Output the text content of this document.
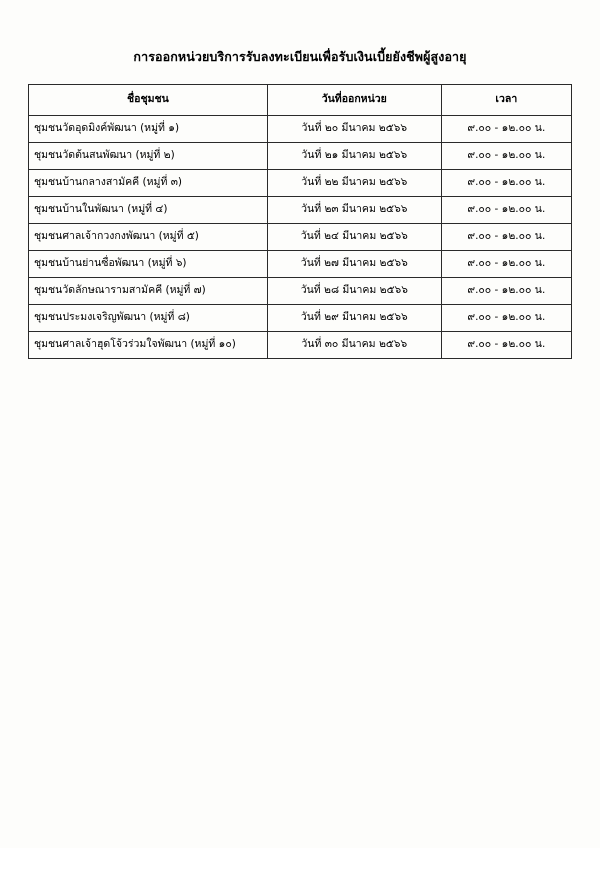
การออกหน่วยบริการรับลงทะเบียนเพื่อรับเงินเบี้ยยังชีพผู้สูงอายุ
ชื่อชุมชน	วันที่ออกหน่วย	เวลา
ชุมชนวัดอุดมิงค์พัฒนา (หมู่ที่ ๑)	วันที่ ๒๐ มีนาคม ๒๕๖๖	๙.๐๐ - ๑๒.๐๐ น.
ชุมชนวัดต้นสนพัฒนา (หมู่ที่ ๒)	วันที่ ๒๑ มีนาคม ๒๕๖๖	๙.๐๐ - ๑๒.๐๐ น.
ชุมชนบ้านกลางสามัคคี (หมู่ที่ ๓)	วันที่ ๒๒ มีนาคม ๒๕๖๖	๙.๐๐ - ๑๒.๐๐ น.
ชุมชนบ้านในพัฒนา (หมู่ที่ ๔)	วันที่ ๒๓ มีนาคม ๒๕๖๖	๙.๐๐ - ๑๒.๐๐ น.
ชุมชนศาลเจ้ากวงกงพัฒนา (หมู่ที่ ๕)	วันที่ ๒๔ มีนาคม ๒๕๖๖	๙.๐๐ - ๑๒.๐๐ น.
ชุมชนบ้านย่านซื่อพัฒนา (หมู่ที่ ๖)	วันที่ ๒๗ มีนาคม ๒๕๖๖	๙.๐๐ - ๑๒.๐๐ น.
ชุมชนวัดลักษณารามสามัคคี (หมู่ที่ ๗)	วันที่ ๒๘ มีนาคม ๒๕๖๖	๙.๐๐ - ๑๒.๐๐ น.
ชุมชนประมงเจริญพัฒนา (หมู่ที่ ๘)	วันที่ ๒๙ มีนาคม ๒๕๖๖	๙.๐๐ - ๑๒.๐๐ น.
ชุมชนศาลเจ้าฮุดโจ้วร่วมใจพัฒนา (หมู่ที่ ๑๐)	วันที่ ๓๐ มีนาคม ๒๕๖๖	๙.๐๐ - ๑๒.๐๐ น.
